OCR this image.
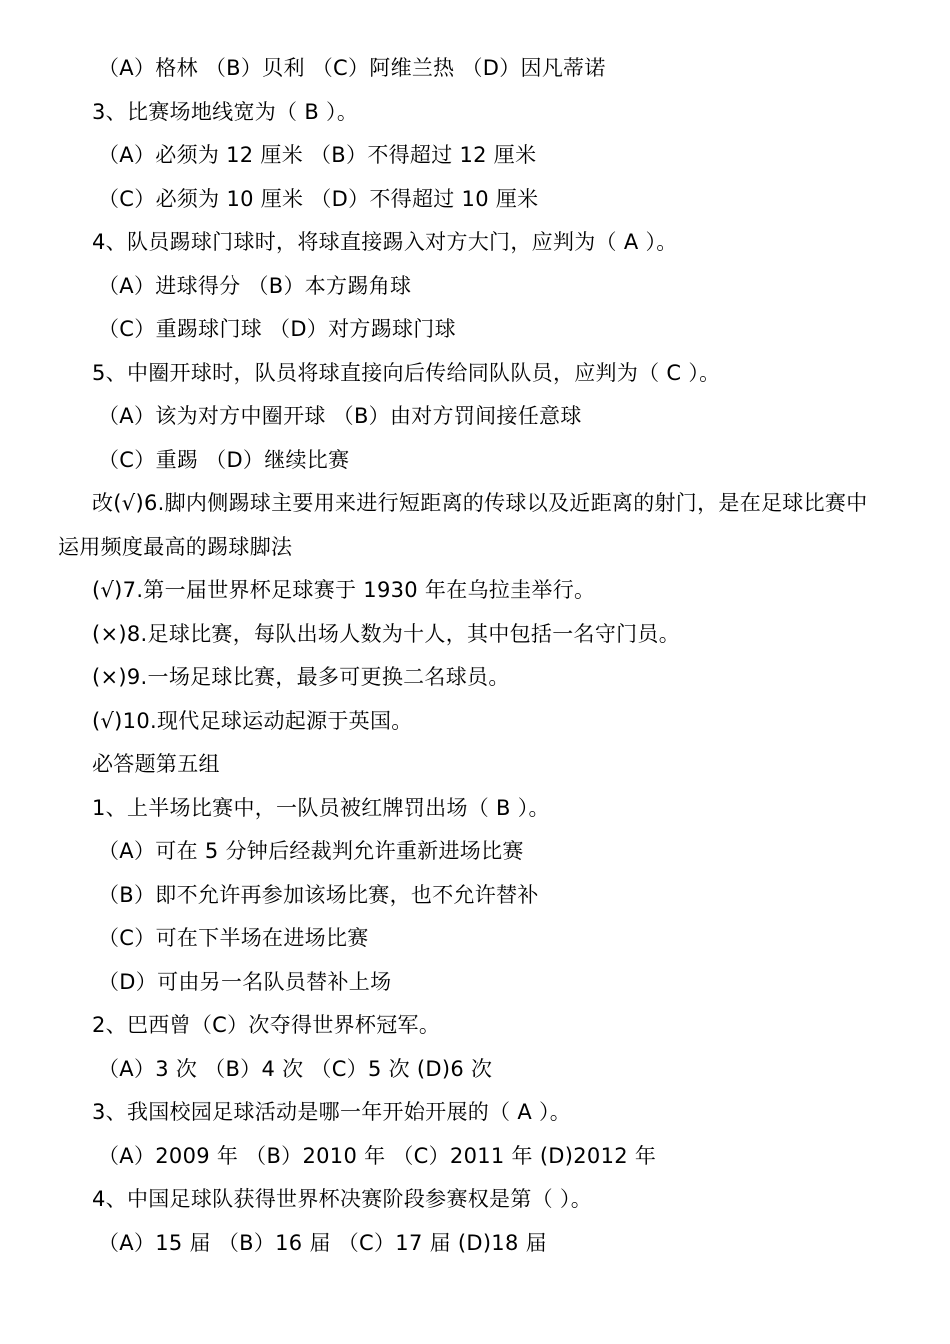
（A）格林 （B）贝利 （C）阿维兰热 （D）因凡蒂诺
3、比赛场地线宽为（ B ）。
（A）必须为 12 厘米 （B）不得超过 12 厘米
（C）必须为 10 厘米 （D）不得超过 10 厘米
4、队员踢球门球时，将球直接踢入对方大门，应判为（ A ）。
（A）进球得分 （B）本方踢角球
（C）重踢球门球 （D）对方踢球门球
5、中圈开球时，队员将球直接向后传给同队队员，应判为（ C ）。
（A）该为对方中圈开球 （B）由对方罚间接任意球
（C）重踢 （D）继续比赛
改(√)6.脚内侧踢球主要用来进行短距离的传球以及近距离的射门，是在足球比赛中
运用频度最高的踢球脚法
(√)7.第一届世界杯足球赛于 1930 年在乌拉圭举行。
(×)8.足球比赛，每队出场人数为十人，其中包括一名守门员。
(×)9.一场足球比赛，最多可更换二名球员。
(√)10.现代足球运动起源于英国。
必答题第五组
1、上半场比赛中，一队员被红牌罚出场（ B ）。
（A）可在 5 分钟后经裁判允许重新进场比赛
（B）即不允许再参加该场比赛，也不允许替补
（C）可在下半场在进场比赛
（D）可由另一名队员替补上场
2、巴西曾（C）次夺得世界杯冠军。
（A）3 次 （B）4 次 （C）5 次 (D)6 次
3、我国校园足球活动是哪一年开始开展的（ A ）。
（A）2009 年 （B）2010 年 （C）2011 年 (D)2012 年
4、中国足球队获得世界杯决赛阶段参赛权是第（ ）。
（A）15 届 （B）16 届 （C）17 届 (D)18 届
